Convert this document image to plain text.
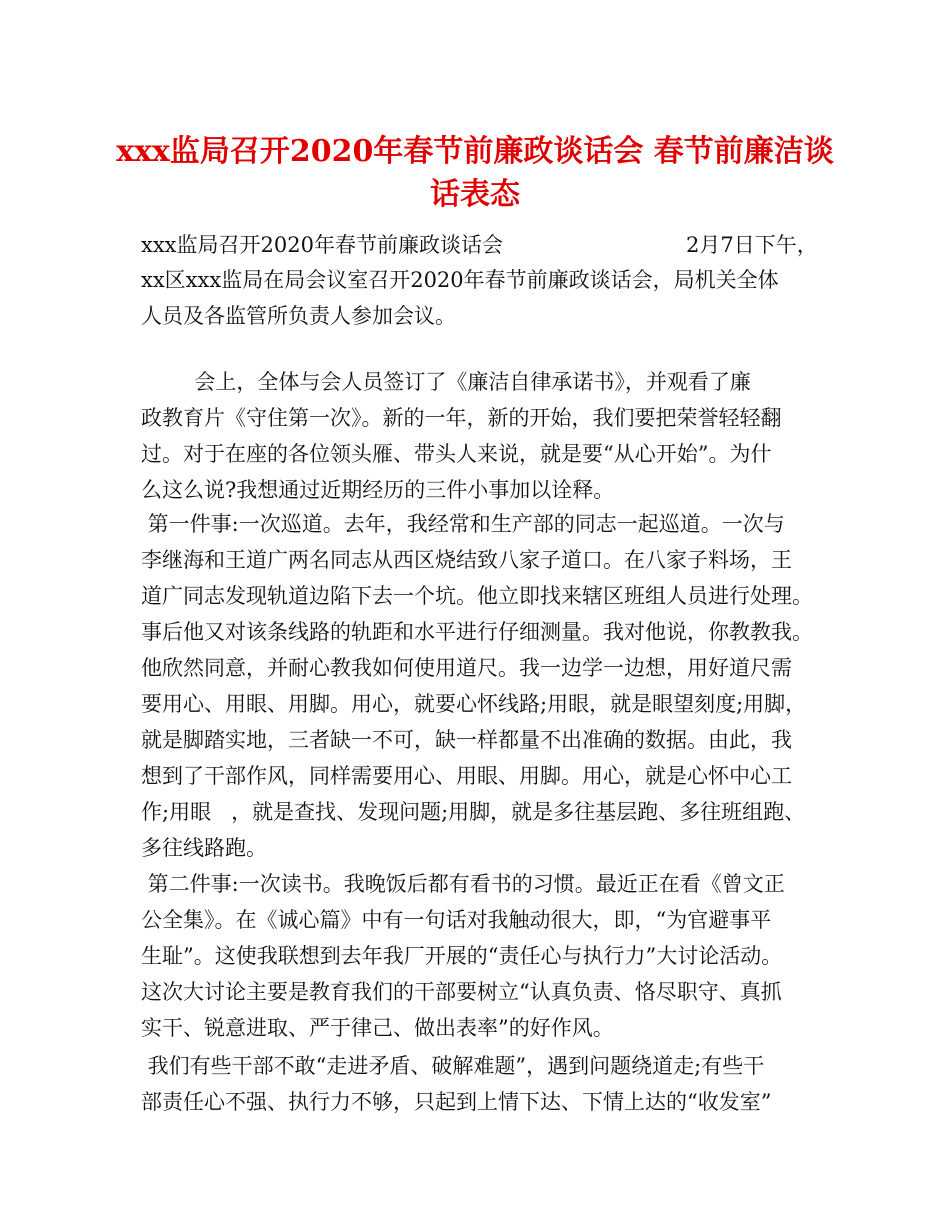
xxx监局召开2020年春节前廉政谈话会 春节前廉洁谈
话表态
2月7日下午，
xxx监局召开2020年春节前廉政谈话会
xx区xxx监局在局会议室召开2020年春节前廉政谈话会，局机关全体
人员及各监管所负责人参加会议。
会上，全体与会人员签订了《廉洁自律承诺书》，并观看了廉
政教育片《守住第一次》。新的一年，新的开始，我们要把荣誉轻轻翻
过。对于在座的各位领头雁、带头人来说，就是要“从心开始”。为什
么这么说?我想通过近期经历的三件小事加以诠释。
第一件事:一次巡道。去年，我经常和生产部的同志一起巡道。一次与
李继海和王道广两名同志从西区烧结致八家子道口。在八家子料场，王
道广同志发现轨道边陷下去一个坑。他立即找来辖区班组人员进行处理。
事后他又对该条线路的轨距和水平进行仔细测量。我对他说，你教教我。
他欣然同意，并耐心教我如何使用道尺。我一边学一边想，用好道尺需
要用心、用眼、用脚。用心，就要心怀线路;用眼，就是眼望刻度;用脚，
就是脚踏实地，三者缺一不可，缺一样都量不出准确的数据。由此，我
想到了干部作风，同样需要用心、用眼、用脚。用心，就是心怀中心工
作;用眼   ，就是查找、发现问题;用脚，就是多往基层跑、多往班组跑、
多往线路跑。
第二件事:一次读书。我晚饭后都有看书的习惯。最近正在看《曾文正
公全集》。在《诚心篇》中有一句话对我触动很大，即，“为官避事平
生耻”。这使我联想到去年我厂开展的“责任心与执行力”大讨论活动。
这次大讨论主要是教育我们的干部要树立“认真负责、恪尽职守、真抓
实干、锐意进取、严于律己、做出表率”的好作风。
我们有些干部不敢“走进矛盾、破解难题”，遇到问题绕道走;有些干
部责任心不强、执行力不够，只起到上情下达、下情上达的“收发室”
